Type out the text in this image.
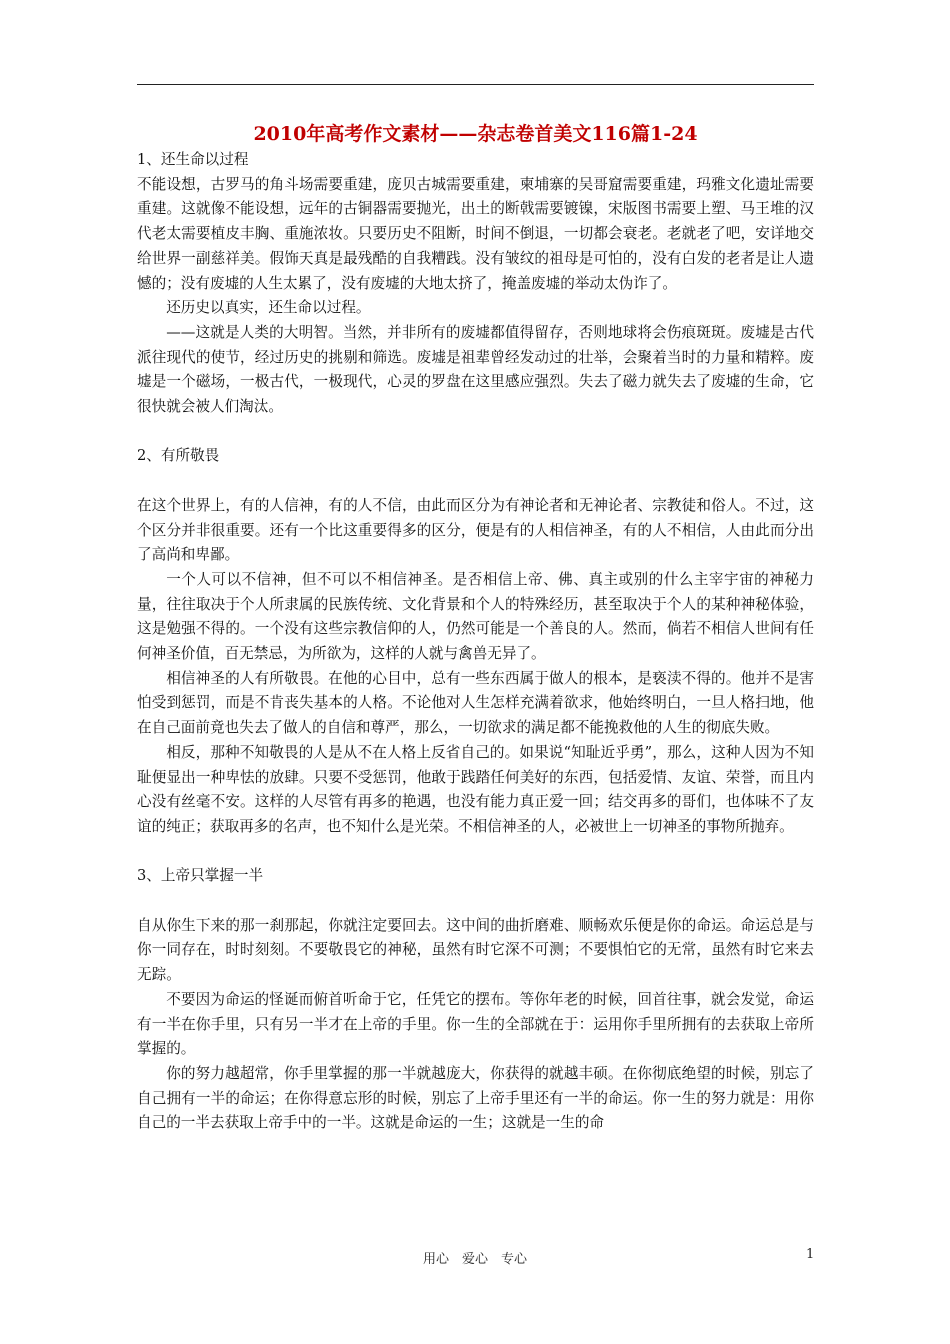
2010年高考作文素材——杂志卷首美文116篇1-24
1、还生命以过程

不能设想，古罗马的角斗场需要重建，庞贝古城需要重建，柬埔寨的吴哥窟需要重建，玛雅文化遗址需要重建。这就像不能设想，远年的古铜器需要抛光，出土的断戟需要镀镍，宋版图书需要上塑、马王堆的汉代老太需要植皮丰胸、重施浓妆。只要历史不阻断，时间不倒退，一切都会衰老。老就老了吧，安详地交给世界一副慈祥美。假饰天真是最残酷的自我糟践。没有皱纹的祖母是可怕的，没有白发的老者是让人遗憾的；没有废墟的人生太累了，没有废墟的大地太挤了，掩盖废墟的举动太伪诈了。

还历史以真实，还生命以过程。

——这就是人类的大明智。当然，并非所有的废墟都值得留存，否则地球将会伤痕斑斑。废墟是古代派往现代的使节，经过历史的挑剔和筛选。废墟是祖辈曾经发动过的壮举，会聚着当时的力量和精粹。废墟是一个磁场，一极古代，一极现代，心灵的罗盘在这里感应强烈。失去了磁力就失去了废墟的生命，它很快就会被人们淘汰。

2、有所敬畏

在这个世界上，有的人信神，有的人不信，由此而区分为有神论者和无神论者、宗教徒和俗人。不过，这个区分并非很重要。还有一个比这重要得多的区分，便是有的人相信神圣，有的人不相信，人由此而分出了高尚和卑鄙。

一个人可以不信神，但不可以不相信神圣。是否相信上帝、佛、真主或别的什么主宰宇宙的神秘力量，往往取决于个人所隶属的民族传统、文化背景和个人的特殊经历，甚至取决于个人的某种神秘体验，这是勉强不得的。一个没有这些宗教信仰的人，仍然可能是一个善良的人。然而，倘若不相信人世间有任何神圣价值，百无禁忌，为所欲为，这样的人就与禽兽无异了。

相信神圣的人有所敬畏。在他的心目中，总有一些东西属于做人的根本，是亵渎不得的。他并不是害怕受到惩罚，而是不肯丧失基本的人格。不论他对人生怎样充满着欲求，他始终明白，一旦人格扫地，他在自己面前竟也失去了做人的自信和尊严，那么，一切欲求的满足都不能挽救他的人生的彻底失败。

相反，那种不知敬畏的人是从不在人格上反省自己的。如果说“知耻近乎勇”，那么，这种人因为不知耻便显出一种卑怯的放肆。只要不受惩罚，他敢于践踏任何美好的东西，包括爱情、友谊、荣誉，而且内心没有丝毫不安。这样的人尽管有再多的艳遇，也没有能力真正爱一回；结交再多的哥们，也体味不了友谊的纯正；获取再多的名声，也不知什么是光荣。不相信神圣的人，必被世上一切神圣的事物所抛弃。

3、上帝只掌握一半

自从你生下来的那一刹那起，你就注定要回去。这中间的曲折磨难、顺畅欢乐便是你的命运。命运总是与你一同存在，时时刻刻。不要敬畏它的神秘，虽然有时它深不可测；不要惧怕它的无常，虽然有时它来去无踪。

不要因为命运的怪诞而俯首听命于它，任凭它的摆布。等你年老的时候，回首往事，就会发觉，命运有一半在你手里，只有另一半才在上帝的手里。你一生的全部就在于：运用你手里所拥有的去获取上帝所掌握的。

你的努力越超常，你手里掌握的那一半就越庞大，你获得的就越丰硕。在你彻底绝望的时候，别忘了自己拥有一半的命运；在你得意忘形的时候，别忘了上帝手里还有一半的命运。你一生的努力就是：用你自己的一半去获取上帝手中的一半。这就是命运的一生；这就是一生的命

用心　爱心　专心	1
